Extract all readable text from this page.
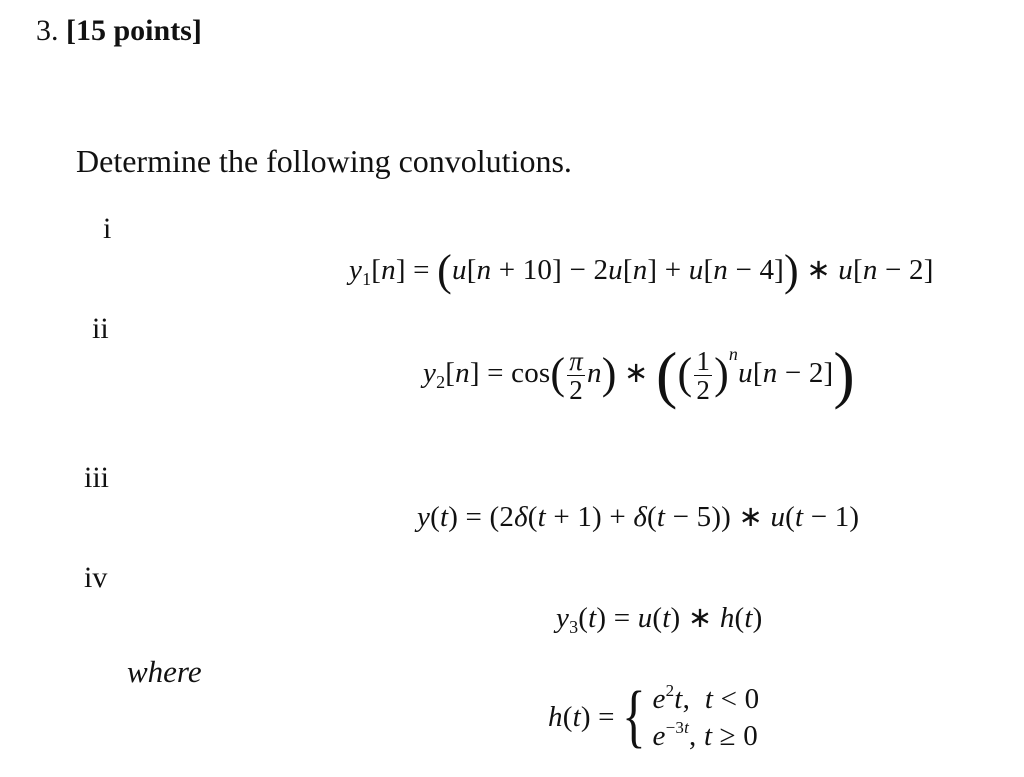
3. [15 points]
Determine the following convolutions.
i
ii
iii
iv
$y_1[n] = (u[n + 10] - 2u[n] + u[n - 4])$ ∗ u[n − 2]
$y_2[n] = \cos( \frac{\pi}{2} n)$ ∗ (( $\frac{1}{2} )^nu[n - 2]$)
y(t) = (2δ(t + 1) + δ(t − 5)) ∗ u(t − 1)
$y_3(t) = u(t)$ ∗ h(t)
where
h(t) = { $e^2t$,  t < 0
$e^{-3t}$, t ≥ 0
